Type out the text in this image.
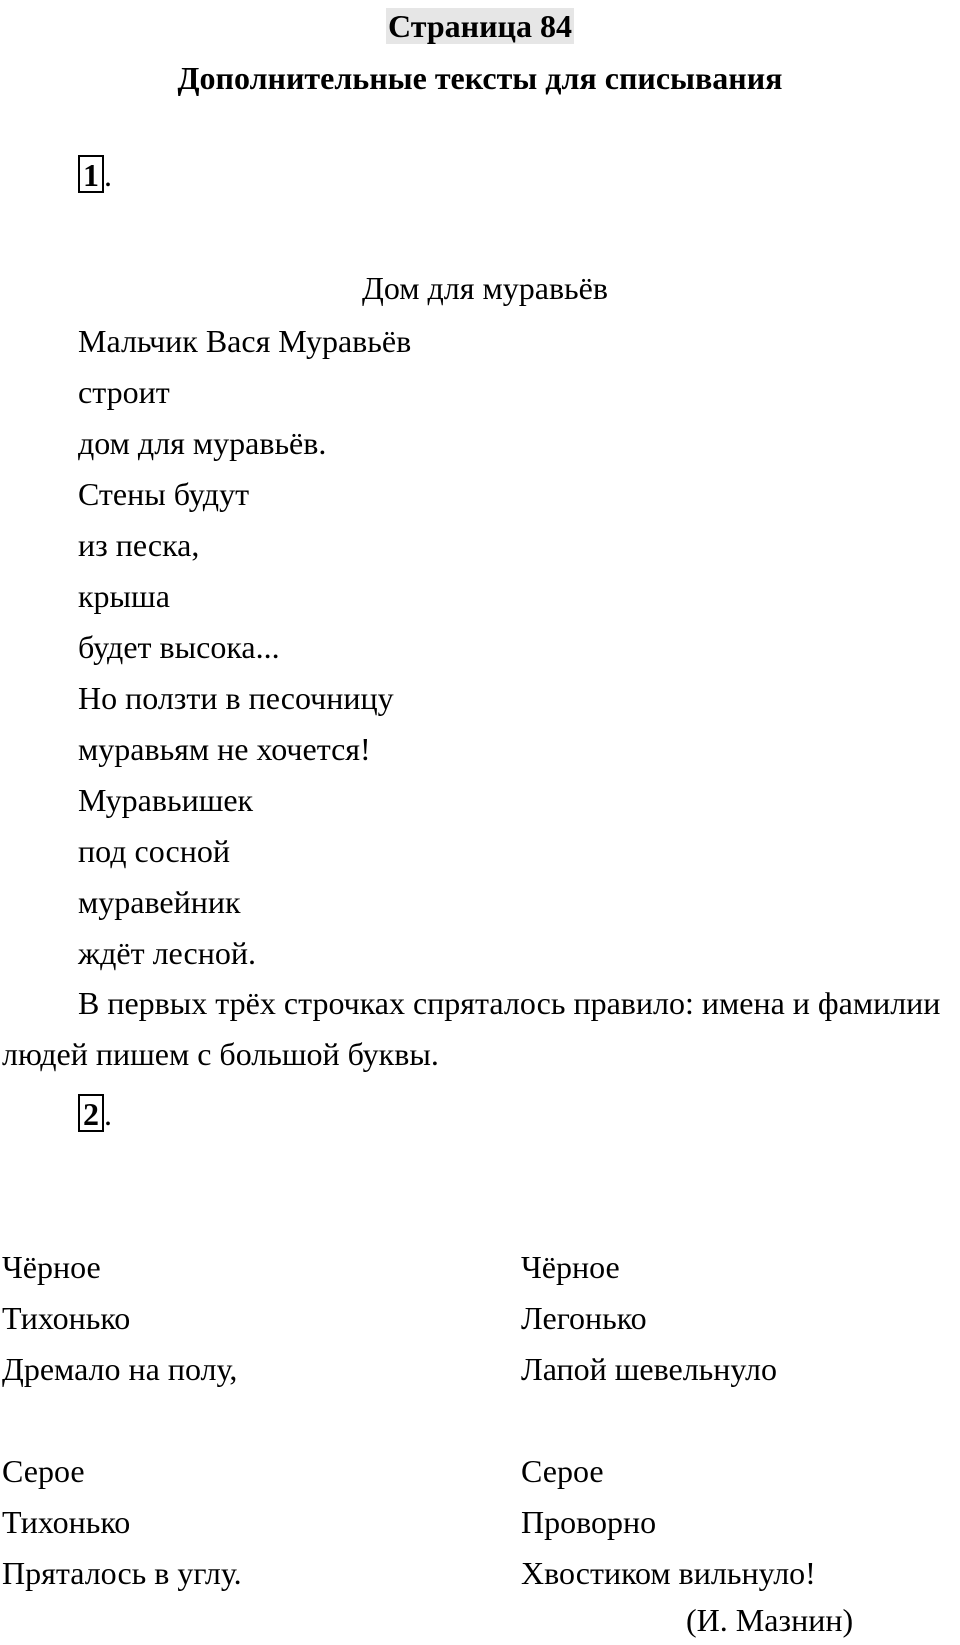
Страница 84
Дополнительные тексты для списывания
1 .
Дом для муравьёв
Мальчик Вася Муравьёв
строит
дом для муравьёв.
Стены будут
из песка,
крыша
будет высока...
Но ползти в песочницу
муравьям не хочется!
Муравьишек
под сосной
муравейник
ждёт лесной.

В первых трёх строчках спряталось правило: имена и фамилии людей пишем с большой буквы.

2 .
Чёрное
Тихонько
Дремало на полу,
Чёрное
Легонько
Лапой шевельнуло
Серое
Тихонько
Пряталось в углу.
Серое
Проворно
Хвостиком вильнуло!
(И. Мазнин)
